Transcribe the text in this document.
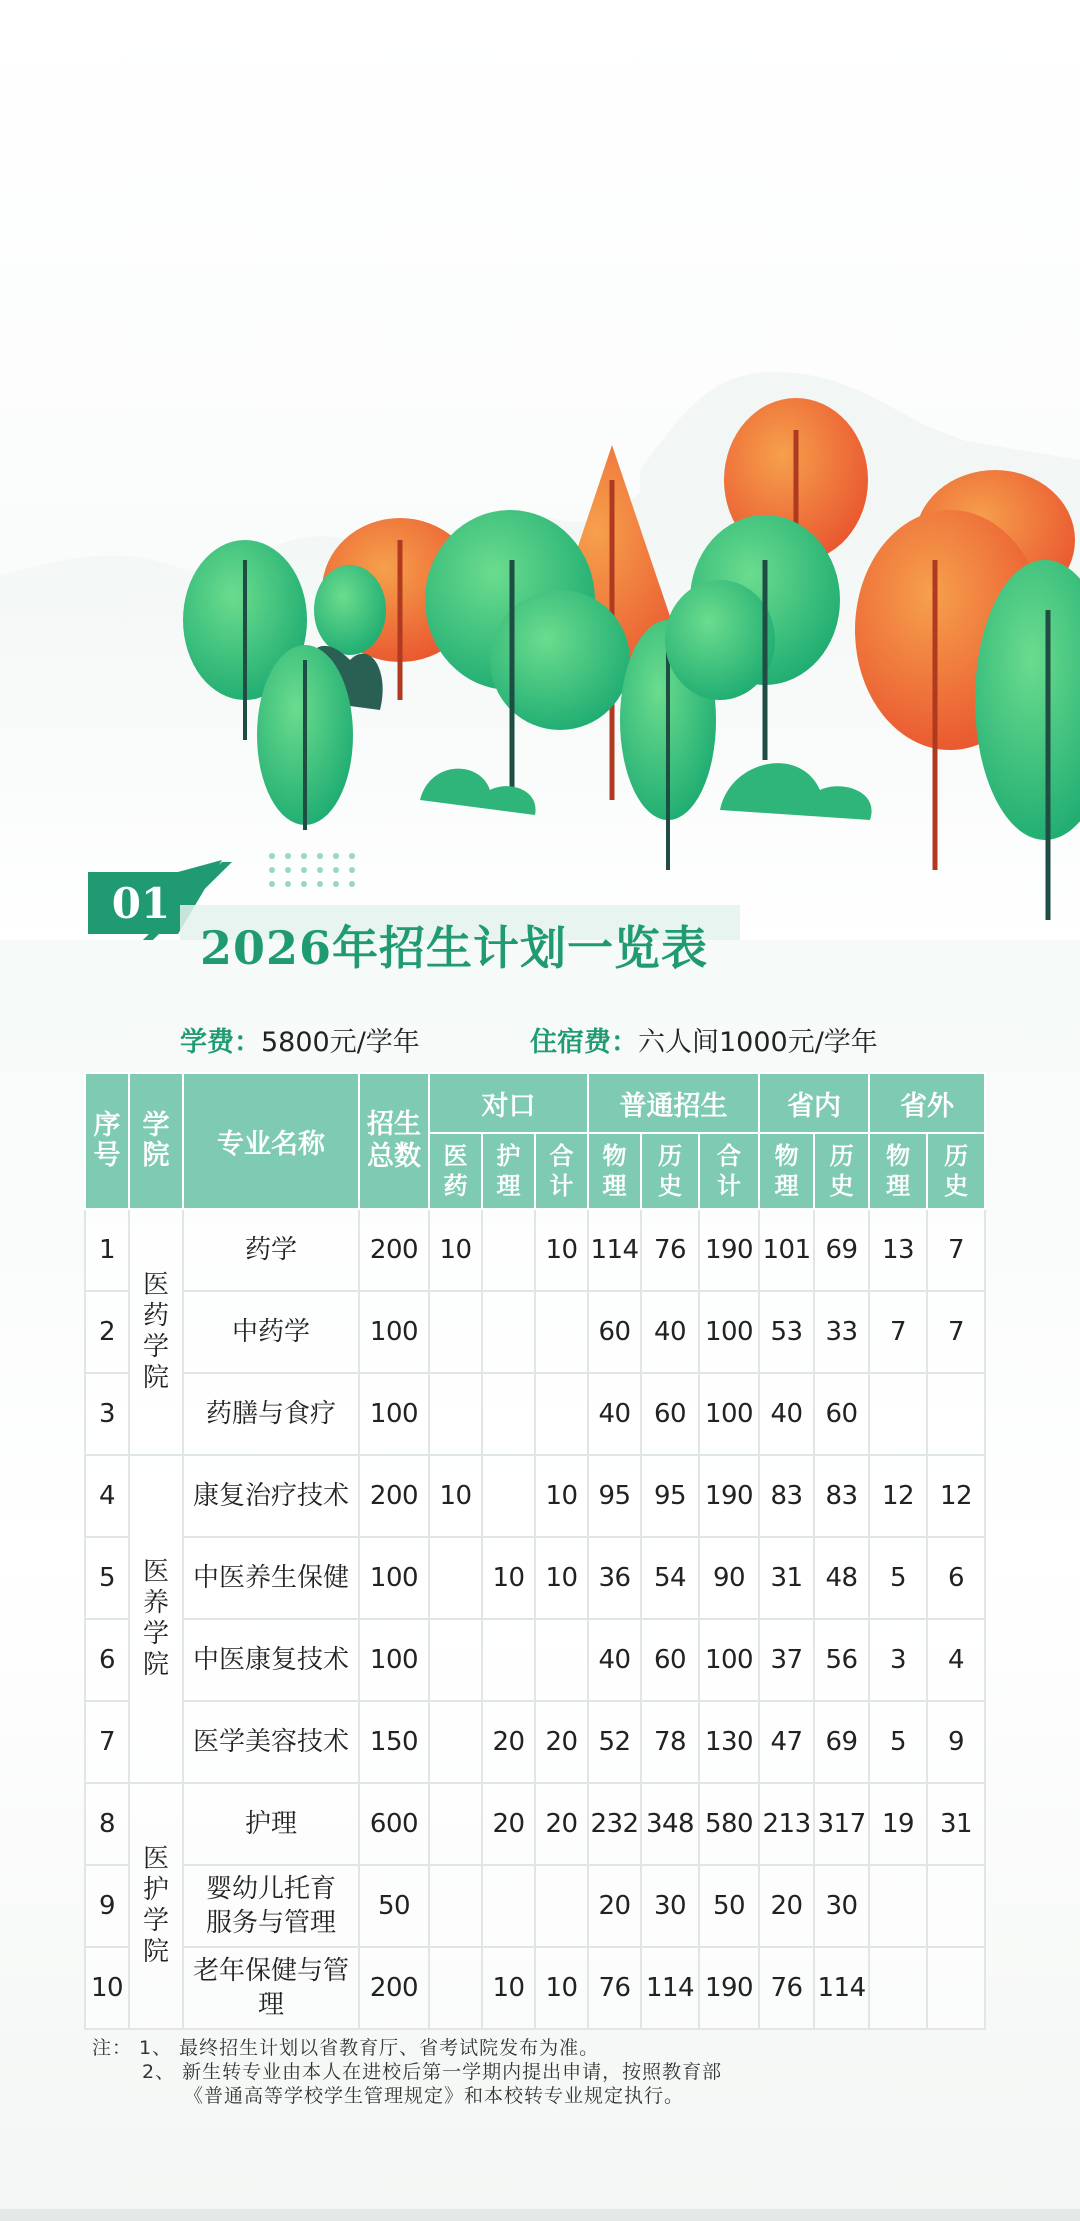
01
2026年招生计划一览表
学费：5800元/学年	住宿费：六人间1000元/学年
序号	学院	专业名称	招生总数	对口			普通招生			省内		省外	
				医药	护理	合计	物理	历史	合计	物理	历史	物理	历史
1	医药学院	药学	200	10		10	114	76	190	101	69	13	7
2		中药学	100				60	40	100	53	33	7	7
3		药膳与食疗	100				40	60	100	40	60		
4	医养学院	康复治疗技术	200	10		10	95	95	190	83	83	12	12
5		中医养生保健	100		10	10	36	54	90	31	48	5	6
6		中医康复技术	100				40	60	100	37	56	3	4
7		医学美容技术	150		20	20	52	78	130	47	69	5	9
8	医护学院	护理	600		20	20	232	348	580	213	317	19	31
9		婴幼儿托育服务与管理	50				20	30	50	20	30		
10		老年保健与管理	200		10	10	76	114	190	76	114		
注： 1、 最终招生计划以省教育厅、省考试院发布为准。
2、 新生转专业由本人在进校后第一学期内提出申请，按照教育部
《普通高等学校学生管理规定》和本校转专业规定执行。
